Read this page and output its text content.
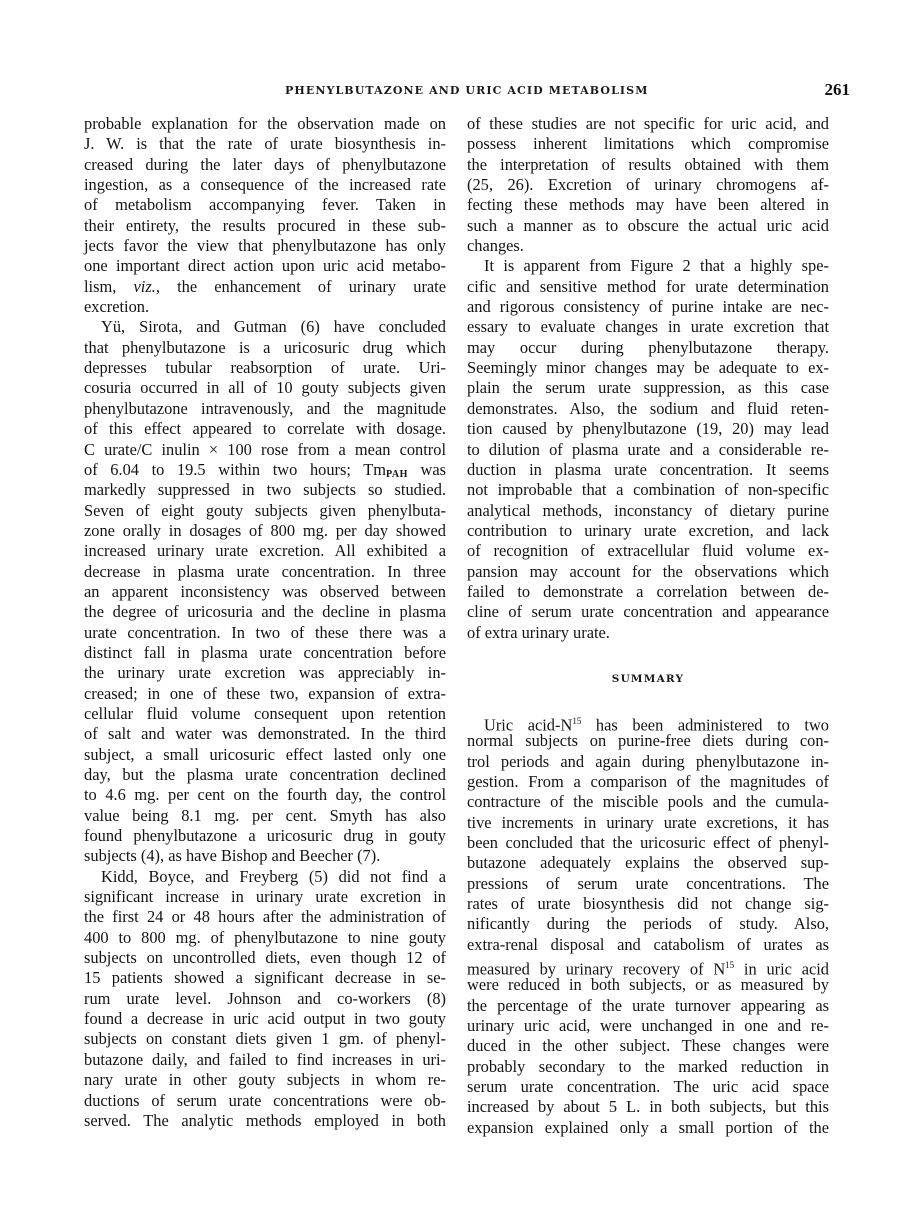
PHENYLBUTAZONE AND URIC ACID METABOLISM	261
probable explanation for the observation made on
J. W. is that the rate of urate biosynthesis in-
creased during the later days of phenylbutazone
ingestion, as a consequence of the increased rate
of metabolism accompanying fever. Taken in
their entirety, the results procured in these sub-
jects favor the view that phenylbutazone has only
one important direct action upon uric acid metabo-
lism, viz., the enhancement of urinary urate
excretion.
Yü, Sirota, and Gutman (6) have concluded
that phenylbutazone is a uricosuric drug which
depresses tubular reabsorption of urate. Uri-
cosuria occurred in all of 10 gouty subjects given
phenylbutazone intravenously, and the magnitude
of this effect appeared to correlate with dosage.
C urate/C inulin × 100 rose from a mean control
of 6.04 to 19.5 within two hours; $Tm_{PAH}$ was
markedly suppressed in two subjects so studied.
Seven of eight gouty subjects given phenylbuta-
zone orally in dosages of 800 mg. per day showed
increased urinary urate excretion. All exhibited a
decrease in plasma urate concentration. In three
an apparent inconsistency was observed between
the degree of uricosuria and the decline in plasma
urate concentration. In two of these there was a
distinct fall in plasma urate concentration before
the urinary urate excretion was appreciably in-
creased; in one of these two, expansion of extra-
cellular fluid volume consequent upon retention
of salt and water was demonstrated. In the third
subject, a small uricosuric effect lasted only one
day, but the plasma urate concentration declined
to 4.6 mg. per cent on the fourth day, the control
value being 8.1 mg. per cent. Smyth has also
found phenylbutazone a uricosuric drug in gouty
subjects (4), as have Bishop and Beecher (7).
Kidd, Boyce, and Freyberg (5) did not find a
significant increase in urinary urate excretion in
the first 24 or 48 hours after the administration of
400 to 800 mg. of phenylbutazone to nine gouty
subjects on uncontrolled diets, even though 12 of
15 patients showed a significant decrease in se-
rum urate level. Johnson and co-workers (8)
found a decrease in uric acid output in two gouty
subjects on constant diets given 1 gm. of phenyl-
butazone daily, and failed to find increases in uri-
nary urate in other gouty subjects in whom re-
ductions of serum urate concentrations were ob-
served. The analytic methods employed in both
of these studies are not specific for uric acid, and
possess inherent limitations which compromise
the interpretation of results obtained with them
(25, 26). Excretion of urinary chromogens af-
fecting these methods may have been altered in
such a manner as to obscure the actual uric acid
changes.
It is apparent from Figure 2 that a highly spe-
cific and sensitive method for urate determination
and rigorous consistency of purine intake are nec-
essary to evaluate changes in urate excretion that
may occur during phenylbutazone therapy.
Seemingly minor changes may be adequate to ex-
plain the serum urate suppression, as this case
demonstrates. Also, the sodium and fluid reten-
tion caused by phenylbutazone (19, 20) may lead
to dilution of plasma urate and a considerable re-
duction in plasma urate concentration. It seems
not improbable that a combination of non-specific
analytical methods, inconstancy of dietary purine
contribution to urinary urate excretion, and lack
of recognition of extracellular fluid volume ex-
pansion may account for the observations which
failed to demonstrate a correlation between de-
cline of serum urate concentration and appearance
of extra urinary urate.
SUMMARY
Uric acid-$N^{15}$ has been administered to two
normal subjects on purine-free diets during con-
trol periods and again during phenylbutazone in-
gestion. From a comparison of the magnitudes of
contracture of the miscible pools and the cumula-
tive increments in urinary urate excretions, it has
been concluded that the uricosuric effect of phenyl-
butazone adequately explains the observed sup-
pressions of serum urate concentrations. The
rates of urate biosynthesis did not change sig-
nificantly during the periods of study. Also,
extra-renal disposal and catabolism of urates as
measured by urinary recovery of $N^{15}$ in uric acid
were reduced in both subjects, or as measured by
the percentage of the urate turnover appearing as
urinary uric acid, were unchanged in one and re-
duced in the other subject. These changes were
probably secondary to the marked reduction in
serum urate concentration. The uric acid space
increased by about 5 L. in both subjects, but this
expansion explained only a small portion of the
